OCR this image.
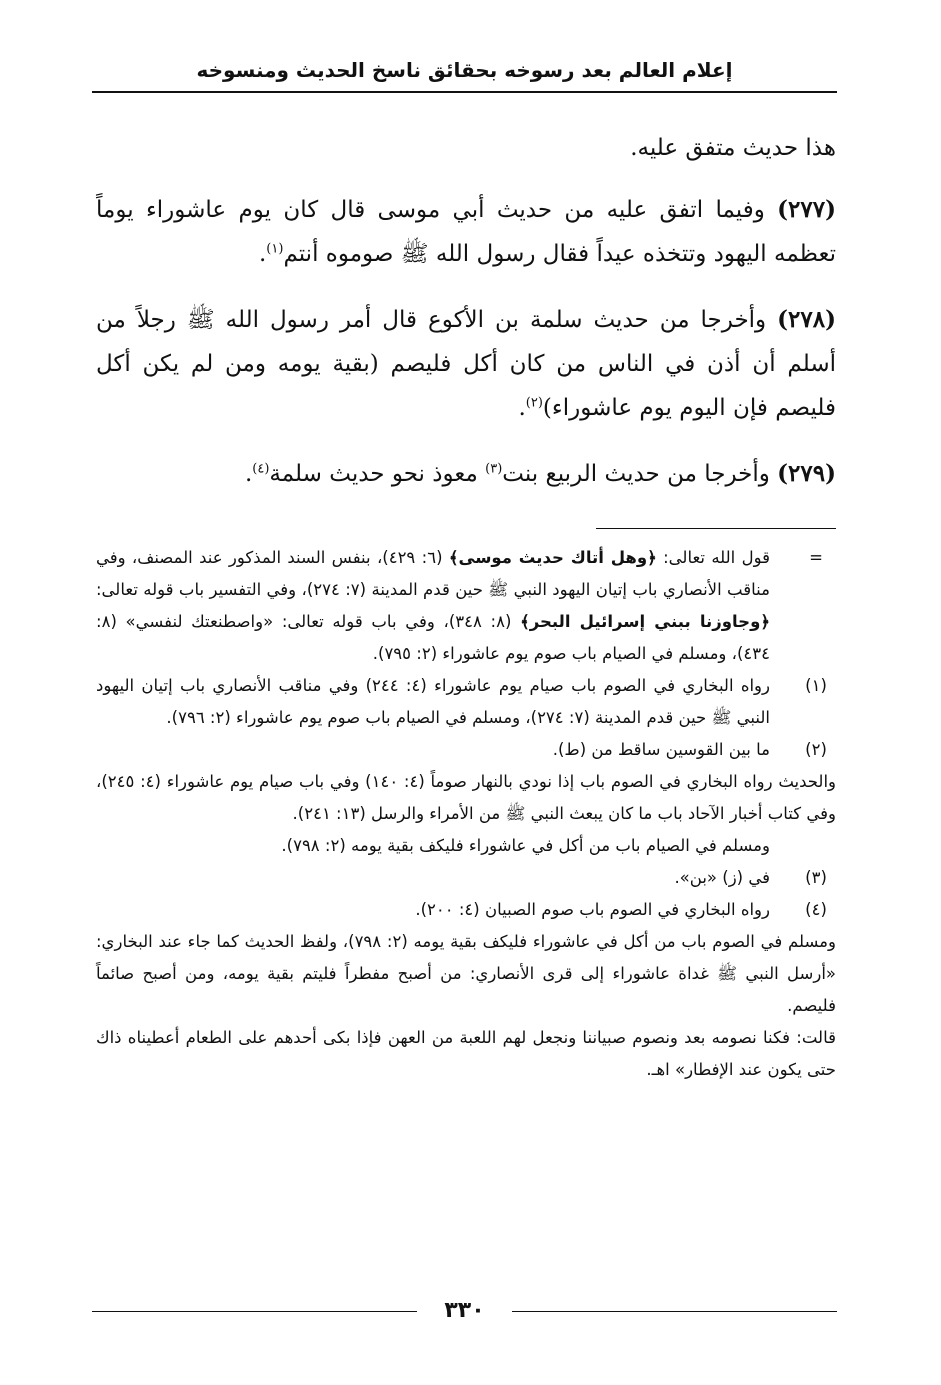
إعلام العالم بعد رسوخه بحقائق ناسخ الحديث ومنسوخه

هذا حديث متفق عليه.

(٢٧٧) وفيما اتفق عليه من حديث أبي موسى قال كان يوم عاشوراء يوماً تعظمه اليهود وتتخذه عيداً فقال رسول الله ﷺ صوموه أنتم$^{(١)}$.

(٢٧٨) وأخرجا من حديث سلمة بن الأكوع قال أمر رسول الله ﷺ رجلاً من أسلم أن أذن في الناس من كان أكل فليصم (بقية يومه ومن لم يكن أكل فليصم فإن اليوم يوم عاشوراء)$^{(٢)}$.

(٢٧٩) وأخرجا من حديث الربيع بنت$^{(٣)}$ معوذ نحو حديث سلمة$^{(٤)}$.

=
قول الله تعالى: ﴿وهل أتاك حديث موسى﴾ (٦: ٤٢٩)، بنفس السند المذكور عند المصنف، وفي مناقب الأنصاري باب إتيان اليهود النبي ﷺ حين قدم المدينة (٧: ٢٧٤)، وفي التفسير باب قوله تعالى: ﴿وجاوزنا ببني إسرائيل البحر﴾ (٨: ٣٤٨)، وفي باب قوله تعالى: «واصطنعتك لنفسي» (٨: ٤٣٤)، ومسلم في الصيام باب صوم يوم عاشوراء (٢: ٧٩٥).

(١)
رواه البخاري في الصوم باب صيام يوم عاشوراء (٤: ٢٤٤) وفي مناقب الأنصاري باب إتيان اليهود النبي ﷺ حين قدم المدينة (٧: ٢٧٤)، ومسلم في الصيام باب صوم يوم عاشوراء (٢: ٧٩٦).

(٢)
ما بين القوسين ساقط من (ط).

والحديث رواه البخاري في الصوم باب إذا نودي بالنهار صوماً (٤: ١٤٠) وفي باب صيام يوم عاشوراء (٤: ٢٤٥)، وفي كتاب أخبار الآحاد باب ما كان يبعث النبي ﷺ من الأمراء والرسل (١٣: ٢٤١).

ومسلم في الصيام باب من أكل في عاشوراء فليكف بقية يومه (٢: ٧٩٨).

(٣)
في (ز) «بن».

(٤)
رواه البخاري في الصوم باب صوم الصبيان (٤: ٢٠٠).

ومسلم في الصوم باب من أكل في عاشوراء فليكف بقية يومه (٢: ٧٩٨)، ولفظ الحديث كما جاء عند البخاري: «أرسل النبي ﷺ غداة عاشوراء إلى قرى الأنصاري: من أصبح مفطراً فليتم بقية يومه، ومن أصبح صائماً فليصم.

قالت: فكنا نصومه بعد ونصوم صبياننا ونجعل لهم اللعبة من العهن فإذا بكى أحدهم على الطعام أعطيناه ذاك حتى يكون عند الإفطار» اهـ.

٣٣٠
